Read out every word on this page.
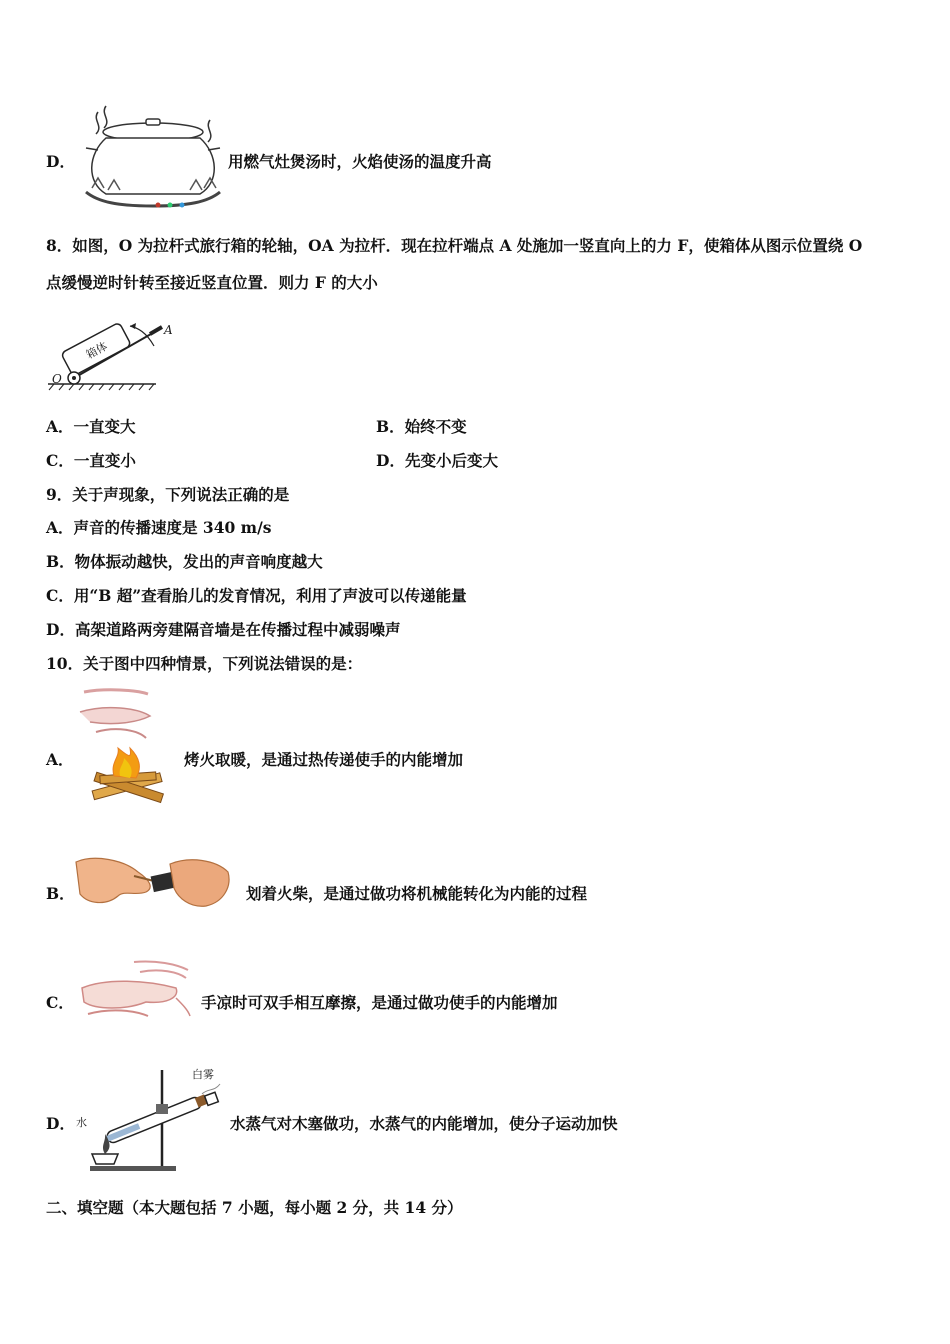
D．	用燃气灶煲汤时，火焰使汤的温度升高
8．如图，O 为拉杆式旅行箱的轮轴，OA 为拉杆．现在拉杆端点 A 处施加一竖直向上的力 F，使箱体从图示位置绕 O
点缓慢逆时针转至接近竖直位置．则力 F 的大小
箱体
A
O
A．一直变大	B．始终不变
C．一直变小	D．先变小后变大
9．关于声现象，下列说法正确的是
A．声音的传播速度是 340 m/s
B．物体振动越快，发出的声音响度越大
C．用“B 超”查看胎儿的发育情况，利用了声波可以传递能量
D．高架道路两旁建隔音墙是在传播过程中减弱噪声
10．关于图中四种情景，下列说法错误的是：
A．	烤火取暖，是通过热传递使手的内能增加
B．	划着火柴，是通过做功将机械能转化为内能的过程
C．	手凉时可双手相互摩擦，是通过做功使手的内能增加
D．
白雾
水	水蒸气对木塞做功，水蒸气的内能增加，使分子运动加快
二、填空题（本大题包括 7 小题，每小题 2 分，共 14 分）
